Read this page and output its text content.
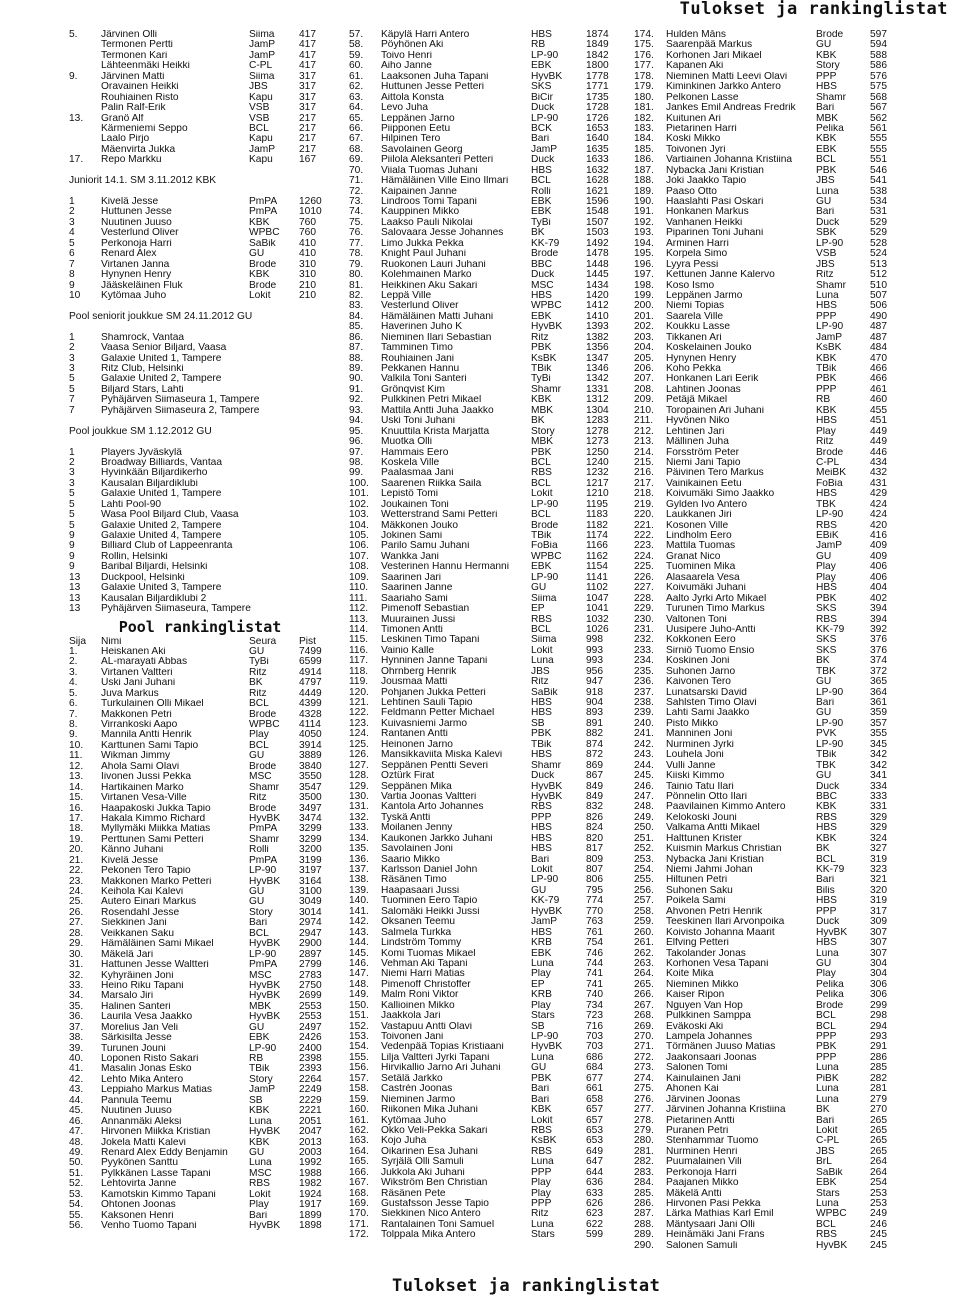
Tulokset ja rankinglistat
5.	Järvinen Olli	Siima	417
Termonen Pertti	JamP	417
Termonen Kari	JamP	417
Lähteenmäki Heikki	C-PL	417
9.	Järvinen Matti	Siima	317
Oravainen Heikki	JBS	317
Rouhiainen Risto	Kapu	317
Palin Ralf-Erik	VSB	317
13.	Granö Alf	VSB	217
Kärmeniemi Seppo	BCL	217
Laalo Pirjo	Kapu	217
Mäenvirta Jukka	JamP	217
17.	Repo Markku	Kapu	167
Juniorit 14.1. SM 3.11.2012 KBK
1	Kivelä Jesse	PmPA	1260
2	Huttunen Jesse	PmPA	1010
3	Nuutinen Juuso	KBK	760
4	Vesterlund Oliver	WPBC	760
5	Perkonoja Harri	SaBik	410
6	Renard Alex	GU	410
7	Virtanen Janna	Brode	310
8	Hynynen Henry	KBK	310
9	Jääskeläinen Fluk	Brode	210
10	Kytömaa Juho	Lokit	210
Pool seniorit joukkue SM 24.11.2012 GU
1	Shamrock, Vantaa
2	Vaasa Senior Biljard, Vaasa
3	Galaxie United 1, Tampere
3	Ritz Club, Helsinki
5	Galaxie United 2, Tampere
5	Biljard Stars, Lahti
7	Pyhäjärven Siimaseura 1, Tampere
7	Pyhäjärven Siimaseura 2, Tampere
Pool joukkue SM 1.12.2012 GU
1	Players Jyväskylä
2	Broadway Billiards, Vantaa
3	Hyvinkään Biljardikerho
3	Kausalan Biljardiklubi
5	Galaxie United 1, Tampere
5	Lahti Pool-90
5	Wasa Pool Biljard Club, Vaasa
5	Galaxie United 2, Tampere
9	Galaxie United 4, Tampere
9	Billiard Club of Lappeenranta
9	Rollin, Helsinki
9	Baribal Biljardi, Helsinki
13	Duckpool, Helsinki
13	Galaxie United 3, Tampere
13	Kausalan Biljardiklubi 2
13	Pyhäjärven Siimaseura, Tampere
Pool rankinglistat
Sija	Nimi	Seura	Pist
1.	Heiskanen Aki	GU	7499
2.	AL-marayati Abbas	TyBi	6599
3.	Virtanen Valtteri	Ritz	4914
4.	Uski Jani Juhani	BK	4797
5.	Juva Markus	Ritz	4449
6.	Turkulainen Olli Mikael	BCL	4399
7.	Makkonen Petri	Brode	4328
8.	Virrankoski Aapo	WPBC	4114
9.	Mannila Antti Henrik	Play	4050
10.	Karttunen Sami Tapio	BCL	3914
11.	Wikman Jimmy	GU	3889
12.	Ahola Sami Olavi	Brode	3840
13.	Iivonen Jussi Pekka	MSC	3550
14.	Hartikainen Marko	Shamr	3547
15.	Virtanen Vesa-Ville	Ritz	3500
16.	Haapakoski Jukka Tapio	Brode	3497
17.	Hakala Kimmo Richard	HyvBK	3474
18.	Myllymäki Miikka Matias	PmPA	3299
19.	Perttunen Sami Petteri	Shamr	3299
20.	Känno Juhani	Rolli	3200
21.	Kivelä Jesse	PmPA	3199
22.	Pekonen Tero Tapio	LP-90	3197
23.	Makkonen Marko Petteri	HyvBK	3164
24.	Keihola Kai Kalevi	GU	3100
25.	Autero Einari Markus	GU	3049
26.	Rosendahl Jesse	Story	3014
27.	Siekkinen Jani	Bari	2974
28.	Veikkanen Saku	BCL	2947
29.	Hämäläinen Sami Mikael	HyvBK	2900
30.	Mäkelä Jari	LP-90	2897
31.	Hattunen Jesse Waltteri	PmPA	2799
32.	Kyhyräinen Joni	MSC	2783
33.	Heino Riku Tapani	HyvBK	2750
34.	Marsalo Jiri	HyvBK	2699
35.	Halinen Santeri	MBK	2553
36.	Laurila Vesa Jaakko	HyvBK	2553
37.	Morelius Jan Veli	GU	2497
38.	Särkisilta Jesse	EBK	2426
39.	Turunen Jouni	LP-90	2400
40.	Loponen Risto Sakari	RB	2398
41.	Masalin Jonas Esko	TBik	2393
42.	Lehto Mika Antero	Story	2264
43.	Leppiaho Markus Matias	JamP	2249
44.	Pannula Teemu	SB	2229
45.	Nuutinen Juuso	KBK	2221
46.	Annanmäki Aleksi	Luna	2051
47.	Hirvonen Miikka Kristian	HyvBK	2047
48.	Jokela Matti Kalevi	KBK	2013
49.	Renard Alex Eddy Benjamin	GU	2003
50.	Pyykönen Santtu	Luna	1992
51.	Pylkkänen Lasse Tapani	MSC	1988
52.	Lehtovirta Janne	RBS	1982
53.	Kamotskin Kimmo Tapani	Lokit	1924
54.	Ohtonen Joonas	Play	1917
55.	Kaksonen Henri	Bari	1899
56.	Venho Tuomo Tapani	HyvBK	1898
57.	Käpylä Harri Antero	HBS	1874
58.	Pöyhönen Aki	RB	1849
59.	Toivo Henri	LP-90	1842
60.	Aiho Janne	EBK	1800
61.	Laaksonen Juha Tapani	HyvBK	1778
62.	Huttunen Jesse Petteri	SKS	1771
63.	Aittola Konsta	BiCir	1735
64.	Levo Juha	Duck	1728
65.	Leppänen Jarno	LP-90	1726
66.	Piipponen Eetu	BCK	1653
67.	Hilpinen Tero	Bari	1640
68.	Savolainen Georg	JamP	1635
69.	Piilola Aleksanteri Petteri	Duck	1633
70.	Viiala Tuomas Juhani	HBS	1632
71.	Hämäläinen Ville Eino Ilmari	BCL	1628
72.	Kaipainen Janne	Rolli	1621
73.	Lindroos Tomi Tapani	EBK	1596
74.	Kauppinen Mikko	EBK	1548
75.	Laakso Pauli Nikolai	TyBi	1507
76.	Salovaara Jesse Johannes	BK	1503
77.	Limo Jukka Pekka	KK-79	1492
78.	Knight Paul Juhani	Brode	1478
79.	Ruokonen Lauri Juhani	BBC	1448
80.	Kolehmainen Marko	Duck	1445
81.	Heikkinen Aku Sakari	MSC	1434
82.	Leppä Ville	HBS	1420
83.	Vesterlund Oliver	WPBC	1412
84.	Hämäläinen Matti Juhani	EBK	1410
85.	Haverinen Juho K	HyvBK	1393
86.	Nieminen Ilari Sebastian	Ritz	1382
87.	Tamminen Timo	PBK	1356
88.	Rouhiainen Jani	KsBK	1347
89.	Pekkanen Hannu	TBik	1346
90.	Valkila Toni Santeri	TyBi	1342
91.	Grönqvist Kim	Shamr	1331
92.	Pulkkinen Petri Mikael	KBK	1312
93.	Mattila Antti Juha Jaakko	MBK	1304
94.	Uski Toni Juhani	BK	1283
95.	Knuuttila Krista Marjatta	Story	1278
96.	Muotka Olli	MBK	1273
97.	Hammais Eero	PBK	1250
98.	Koskela Ville	BCL	1240
99.	Paalasmaa Jani	RBS	1232
100.	Saarenen Riikka Saila	BCL	1217
101.	Lepistö Tomi	Lokit	1210
102.	Joukainen Toni	LP-90	1195
103.	Wetterstrand Sami Petteri	BCL	1183
104.	Mäkkonen Jouko	Brode	1182
105.	Jokinen Sami	TBik	1174
106.	Parilo Samu Juhani	FoBia	1166
107.	Wankka Jani	WPBC	1162
108.	Vesterinen Hannu Hermanni	EBK	1154
109.	Saarinen Jari	LP-90	1141
110.	Saarinen Janne	GU	1102
111.	Saariaho Sami	Siima	1047
112.	Pimenoff Sebastian	EP	1041
113.	Muurainen Jussi	RBS	1032
114.	Timonen Antti	BCL	1026
115.	Leskinen Timo Tapani	Siima	998
116.	Vainio Kalle	Lokit	993
117.	Hynninen Janne Tapani	Luna	993
118.	Ohrnberg Henrik	JBS	956
119.	Jousmaa Matti	Ritz	947
120.	Pohjanen Jukka Petteri	SaBik	918
121.	Lehtinen Sauli Tapio	HBS	904
122.	Feldmann Petter Michael	HBS	893
123.	Kuivasniemi Jarmo	SB	891
124.	Rantanen Antti	PBK	882
125.	Heinonen Jarno	TBik	874
126.	Mansikkaviita Miska Kalevi	HBS	872
127.	Seppänen Pentti Severi	Shamr	869
128.	Öztürk Firat	Duck	867
129.	Seppänen Mika	HyvBK	849
130.	Vartia Joonas Valtteri	HyvBK	849
131.	Kantola Arto Johannes	RBS	832
132.	Tyskä Antti	PPP	826
133.	Moilanen Jenny	HBS	824
134.	Kaukonen Jarkko Juhani	HBS	820
135.	Savolainen Joni	HBS	817
136.	Saario Mikko	Bari	809
137.	Karlsson Daniel John	Lokit	807
138.	Räsänen Timo	LP-90	806
139.	Haapasaari Jussi	GU	795
140.	Tuominen Eero Tapio	KK-79	774
141.	Salomäki Heikki Jussi	HyvBK	770
142.	Oksanen Teemu	JamP	763
143.	Salmela Turkka	HBS	761
144.	Lindström Tommy	KRB	754
145.	Komi Tuomas Mikael	EBK	746
146.	Vehman Aki Tapani	Luna	744
147.	Niemi Harri Matias	Play	741
148.	Pimenoff Christoffer	EP	741
149.	Malm Roni Viktor	KRB	740
150.	Kallioinen Mikko	Play	734
151.	Jaakkola Jari	Stars	723
152.	Vastapuu Antti Olavi	SB	716
153.	Toivonen Jani	LP-90	703
154.	Vedenpää Topias Kristiaani	HyvBK	703
155.	Lilja Valtteri Jyrki Tapani	Luna	686
156.	Hirvikallio Jarno Ari Juhani	GU	684
157.	Setälä Jarkko	PBK	677
158.	Castrén Joonas	Bari	661
159.	Nieminen Jarmo	Bari	658
160.	Riikonen Mika Juhani	KBK	657
161.	Kytömaa Juho	Lokit	657
162.	Okko Veli-Pekka Sakari	RBS	653
163.	Kojo Juha	KsBK	653
164.	Oikarinen Esa Juhani	RBS	649
165.	Syrjälä Olli Samuli	Luna	647
166.	Jukkola Aki Juhani	PPP	644
167.	Wikström Ben Christian	Play	636
168.	Räsänen Pete	Play	633
169.	Gustafsson Jesse Tapio	PPP	626
170.	Siekkinen Nico Antero	Ritz	623
171.	Rantalainen Toni Samuel	Luna	622
172.	Tolppala Mika Antero	Stars	599
174.	Hulden Måns	Brode	597
175.	Saarenpää Markus	GU	594
176.	Korhonen Jari Mikael	KBK	588
177.	Kapanen Aki	Story	586
178.	Nieminen Matti Leevi Olavi	PPP	576
179.	Kiminkinen Jarkko Antero	HBS	575
180.	Pelkonen Lasse	Shamr	568
181.	Jankes Emil Andreas Fredrik	Bari	567
182.	Kuitunen Ari	MBK	562
183.	Pietarinen Harri	Pelika	561
184.	Koski Mikko	KBK	555
185.	Toivonen Jyri	EBK	555
186.	Vartiainen Johanna Kristiina	BCL	551
187.	Nybacka Jani Kristian	PBK	546
188.	Joki Jaakko Tapio	JBS	541
189.	Paaso Otto	Luna	538
190.	Haaslahti Pasi Oskari	GU	534
191.	Honkanen Markus	Bari	531
192.	Vanhanen Heikki	Duck	529
193.	Piparinen Toni Juhani	SBK	529
194.	Arminen Harri	LP-90	528
195.	Korpela Simo	VSB	524
196.	Lyyra Pessi	JBS	513
197.	Kettunen Janne Kalervo	Ritz	512
198.	Koso Ismo	Shamr	510
199.	Leppänen Jarmo	Luna	507
200.	Niemi Topias	HBS	506
201.	Saarela Ville	PPP	490
202.	Koukku Lasse	LP-90	487
203.	Tikkanen Ari	JamP	487
204.	Koskelainen Jouko	KsBK	484
205.	Hynynen Henry	KBK	470
206.	Koho Pekka	TBik	466
207.	Honkanen Lari Eerik	PBK	466
208.	Lahtinen Joonas	PPP	461
209.	Petäjä Mikael	RB	460
210.	Toropainen Ari Juhani	KBK	455
211.	Hyvönen Niko	HBS	451
212.	Lehtinen Jari	Play	449
213.	Mällinen Juha	Ritz	449
214.	Forsström Peter	Brode	446
215.	Niemi Jani Tapio	C-PL	434
216.	Päivinen Tero Markus	MeiBK	432
217.	Vainikainen Eetu	FoBia	431
218.	Koivumäki Simo Jaakko	HBS	429
219.	Gylden Ivo Antero	TBK	424
220.	Laukkanen Jiri	LP-90	424
221.	Kosonen Ville	RBS	420
222.	Lindholm Eero	EBiK	416
223.	Mattila Tuomas	JamP	409
224.	Granat Nico	GU	409
225.	Tuominen Mika	Play	406
226.	Alasaarela Vesa	Play	406
227.	Koivumäki Juhani	HBS	404
228.	Aalto Jyrki Arto Mikael	PBK	402
229.	Turunen Timo Markus	SKS	394
230.	Valtonen Toni	RBS	394
231.	Uusipere Juho-Antti	KK-79	392
232.	Kokkonen Eero	SKS	376
233.	Sirniö Tuomo Ensio	SKS	376
234.	Koskinen Joni	BK	374
235.	Suhonen Jarno	TBK	372
236.	Kaivonen Tero	GU	365
237.	Lunatsarski David	LP-90	364
238.	Sahlsten Timo Olavi	Bari	361
239.	Lahti Sami Jaakko	GU	359
240.	Pisto Mikko	LP-90	357
241.	Manninen Joni	PVK	355
242.	Nurminen Jyrki	LP-90	345
243.	Louhela Joni	TBik	342
244.	Vulli Janne	TBK	342
245.	Kiiski Kimmo	GU	341
246.	Tainio Tatu Ilari	Duck	334
247.	Pönnelin Otto Ilari	BBC	333
248.	Paavilainen Kimmo Antero	KBK	331
249.	Kelokoski Jouni	RBS	329
250.	Valkama Antti Mikael	HBS	329
251.	Halttunen Krister	KBK	324
252.	Kuismin Markus Christian	BK	327
253.	Nybacka Jani Kristian	BCL	319
254.	Niemi Jahmi Johan	KK-79	323
255.	Hiltunen Petri	Bari	321
256.	Suhonen Saku	Bilis	320
257.	Poikela Sami	HBS	319
258.	Ahvonen Petri Henrik	PPP	317
259.	Teeskinen Ilari Arvonpoika	Duck	309
260.	Koivisto Johanna Maarit	HyvBK	307
261.	Elfving Petteri	HBS	307
262.	Takolander Jonas	Luna	307
263.	Korhonen Vesa Tapani	GU	304
264.	Koite Mika	Play	304
265.	Nieminen Mikko	Pelika	306
266.	Kaiser Ripon	Pelika	306
267.	Nguyen Van Hop	Brode	299
268.	Pulkkinen Samppa	BCL	298
269.	Eväkoski Aki	BCL	294
270.	Lampela Johannes	PPP	293
271.	Törmänen Juuso Matias	PBK	291
272.	Jaakonsaari Joonas	PPP	286
273.	Salonen Tomi	Luna	285
274.	Kainulainen Jani	PiBK	282
275.	Ahonen Kai	Luna	281
276.	Järvinen Joonas	Luna	279
277.	Järvinen Johanna Kristiina	BK	270
278.	Pietarinen Antti	Bari	265
279.	Puranen Petri	Lokit	265
280.	Stenhammar Tuomo	C-PL	265
281.	Nurminen Henri	JBS	265
282.	Puumalainen Vili	BrL	264
283.	Perkonoja Harri	SaBik	264
284.	Paajanen Mikko	EBK	254
285.	Mäkelä Antti	Stars	253
286.	Hirvonen Pasi Pekka	Luna	253
287.	Lärka Mathias Karl Emil	WPBC	249
288.	Mäntysaari Jani Olli	BCL	246
289.	Heinämäki Jani Frans	RBS	245
290.	Salonen Samuli	HyvBK	245
Tulokset ja rankinglistat
